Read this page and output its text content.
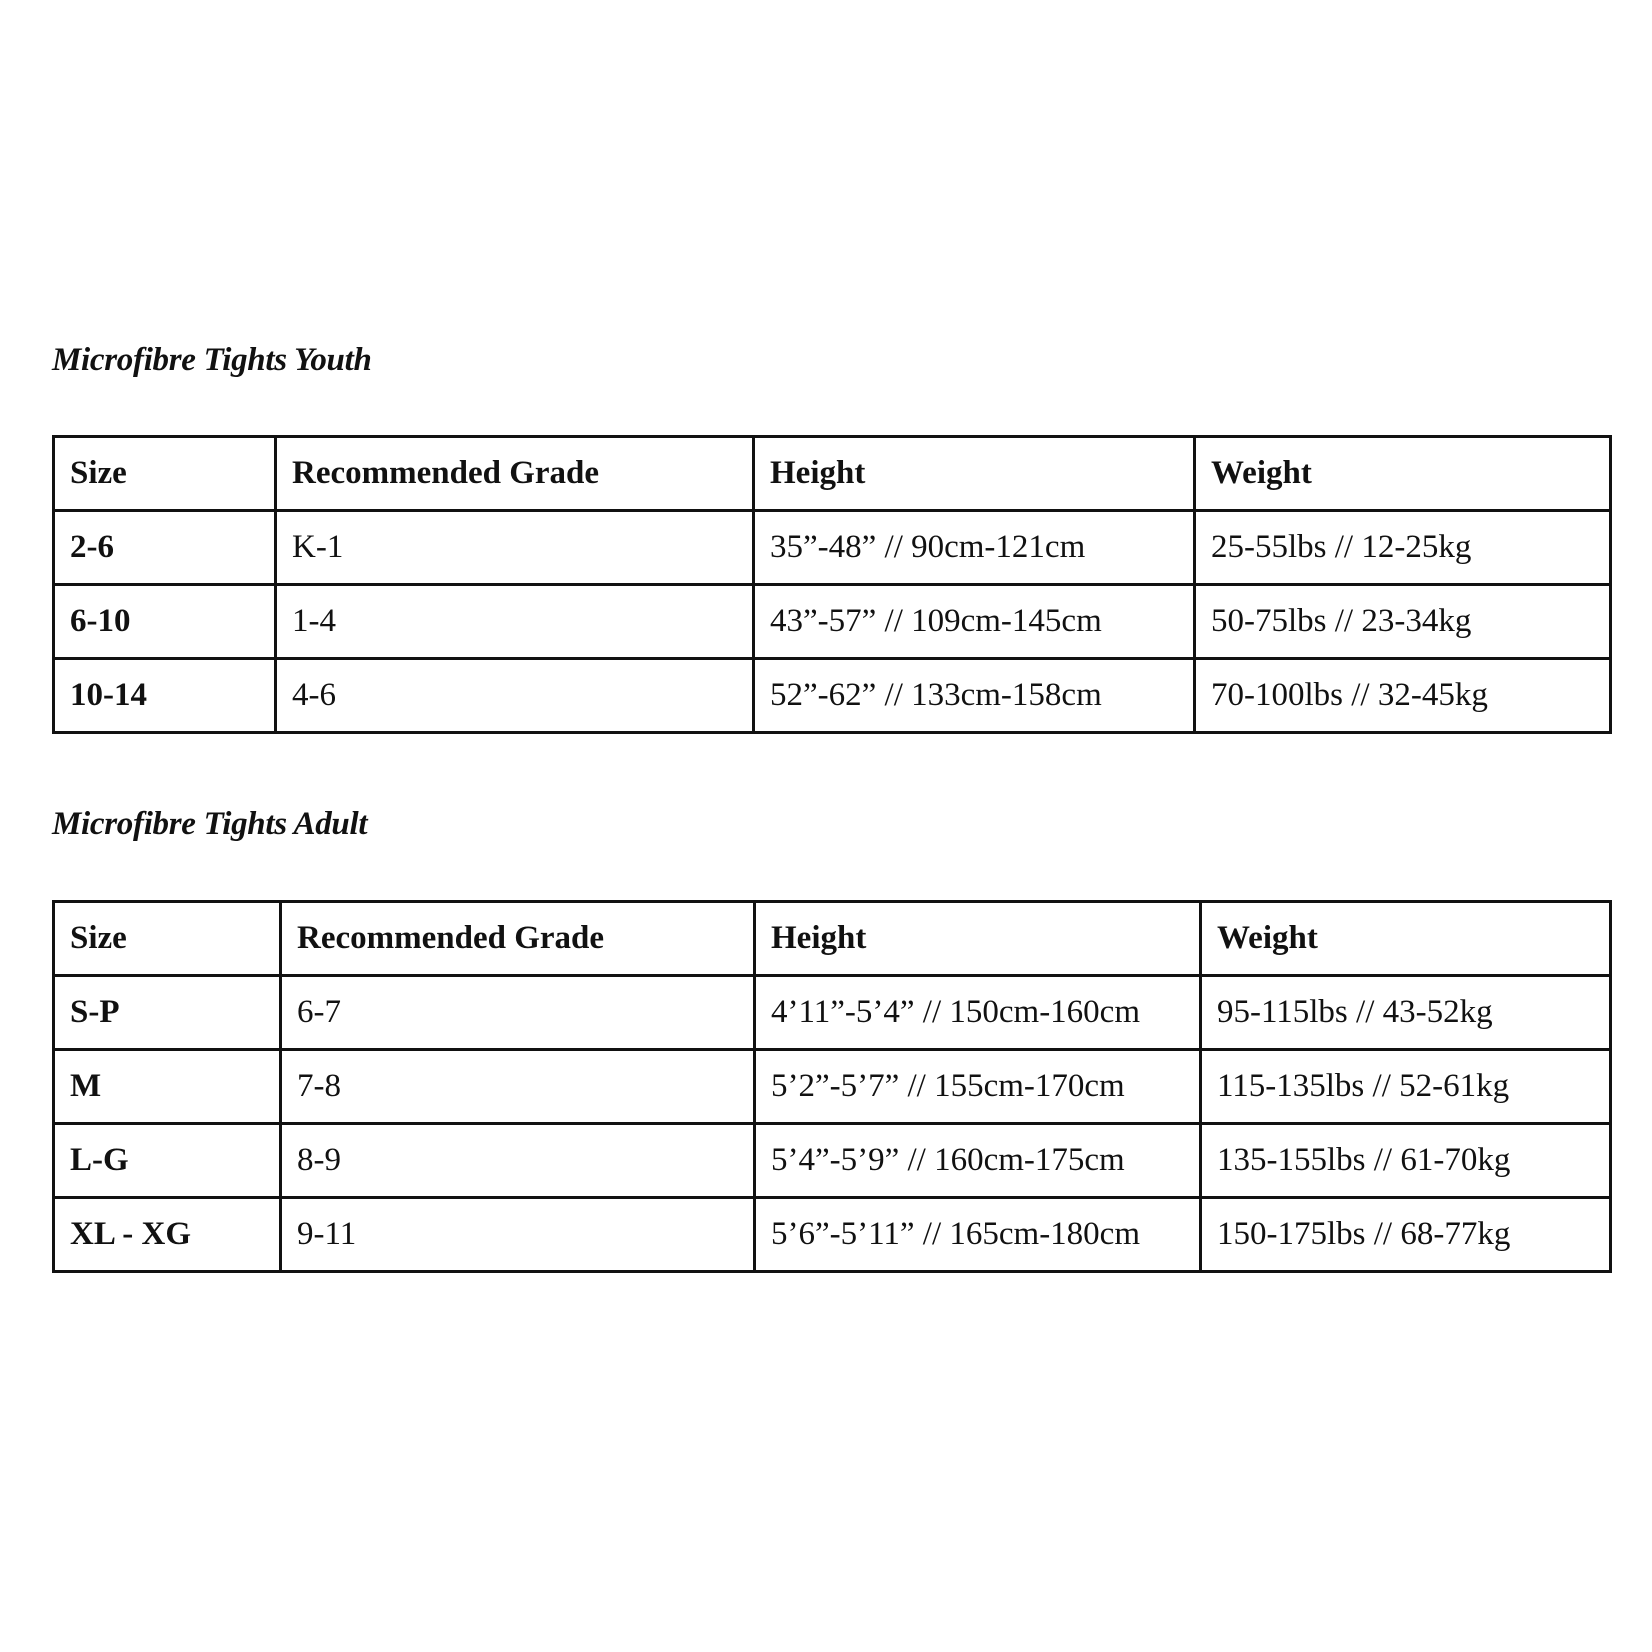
Microfibre Tights Youth
Size	Recommended Grade	Height	Weight
2-6	K-1	35”-48” // 90cm-121cm	25-55lbs // 12-25kg
6-10	1-4	43”-57” // 109cm-145cm	50-75lbs // 23-34kg
10-14	4-6	52”-62” // 133cm-158cm	70-100lbs // 32-45kg
Microfibre Tights Adult
Size	Recommended Grade	Height	Weight
S-P	6-7	4’11”-5’4” // 150cm-160cm	95-115lbs // 43-52kg
M	7-8	5’2”-5’7” // 155cm-170cm	115-135lbs // 52-61kg
L-G	8-9	5’4”-5’9” // 160cm-175cm	135-155lbs // 61-70kg
XL - XG	9-11	5’6”-5’11” // 165cm-180cm	150-175lbs // 68-77kg
